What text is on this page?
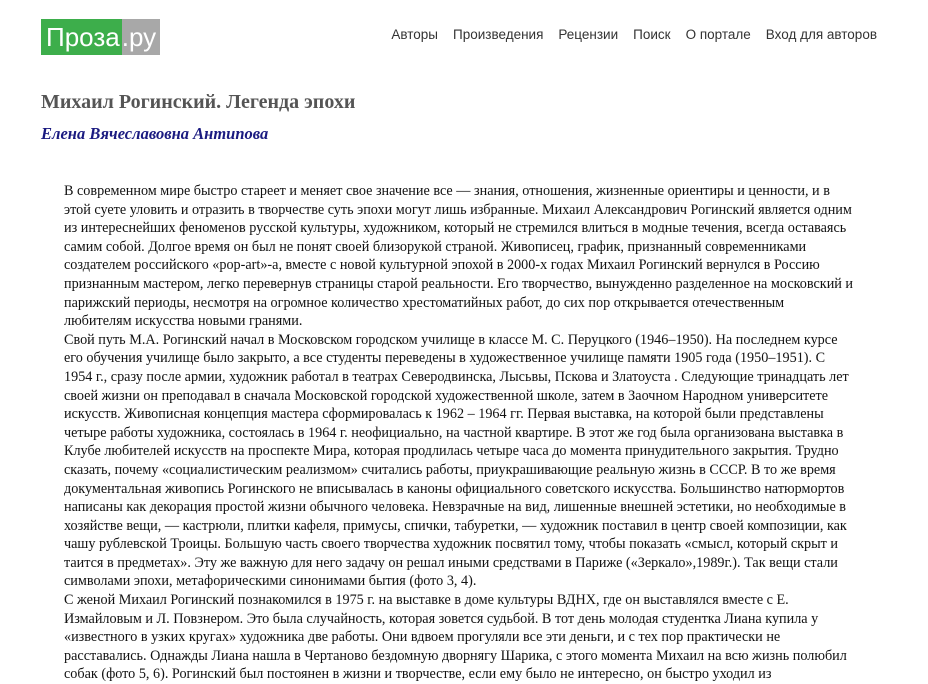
Проза . ру	Авторы Произведения Рецензии Поиск О портале Вход для авторов
Михаил Рогинский. Легенда эпохи
Елена Вячеславовна Антипова

В современном мире быстро стареет и меняет свое значение все — знания, отношения, жизненные ориентиры и ценности, и в этой суете уловить и отразить в творчестве суть эпохи могут лишь избранные. Михаил Александрович Рогинский является одним из интереснейших феноменов русской культуры, художником, который не стремился влиться в модные течения, всегда оставаясь самим собой. Долгое время он был не понят своей близорукой страной. Живописец, график, признанный современниками создателем российского «pop-art»-а, вместе с новой культурной эпохой в 2000-х годах Михаил Рогинский вернулся в Россию признанным мастером, легко перевернув страницы старой реальности. Его творчество, вынужденно разделенное на московский и парижский периоды, несмотря на огромное количество хрестоматийных работ, до сих пор открывается отечественным любителям искусства новыми гранями.

Свой путь М.А. Рогинский начал в Московском городском училище в классе М. С. Перуцкого (1946–1950). На последнем курсе его обучения училище было закрыто, а все студенты переведены в художественное училище памяти 1905 года (1950–1951). С 1954 г., сразу после армии, художник работал в театрах Северодвинска, Лысьвы, Пскова и Златоуста . Следующие тринадцать лет своей жизни он преподавал в сначала Московской городской художественной школе, затем в Заочном Народном университете искусств. Живописная концепция мастера сформировалась к 1962 – 1964 гг. Первая выставка, на которой были представлены четыре работы художника, состоялась в 1964 г. неофициально, на частной квартире. В этот же год была организована выставка в Клубе любителей искусств на проспекте Мира, которая продлилась четыре часа до момента принудительного закрытия. Трудно сказать, почему «социалистическим реализмом» считались работы, приукрашивающие реальную жизнь в СССР. В то же время документальная живопись Рогинского не вписывалась в каноны официального советского искусства. Большинство натюрмортов написаны как декорация простой жизни обычного человека. Невзрачные на вид, лишенные внешней эстетики, но необходимые в хозяйстве вещи, — кастрюли, плитки кафеля, примусы, спички, табуретки, — художник поставил в центр своей композиции, как чашу рублевской Троицы. Большую часть своего творчества художник посвятил тому, чтобы показать «смысл, который скрыт и таится в предметах». Эту же важную для него задачу он решал иными средствами в Париже («Зеркало»,1989г.). Так вещи стали символами эпохи, метафорическими синонимами бытия (фото 3, 4).

С женой Михаил Рогинский познакомился в 1975 г. на выставке в доме культуры ВДНХ, где он выставлялся вместе с Е. Измайловым и Л. Повзнером. Это была случайность, которая зовется судьбой. В тот день молодая студентка Лиана купила у «известного в узких кругах» художника две работы. Они вдвоем прогуляли все эти деньги, и с тех пор практически не расставались. Однажды Лиана нашла в Чертаново бездомную дворнягу Шарика, с этого момента Михаил на всю жизнь полюбил собак (фото 5, 6). Рогинский был постоянен в жизни и творчестве, если ему было не интересно, он быстро уходил из
